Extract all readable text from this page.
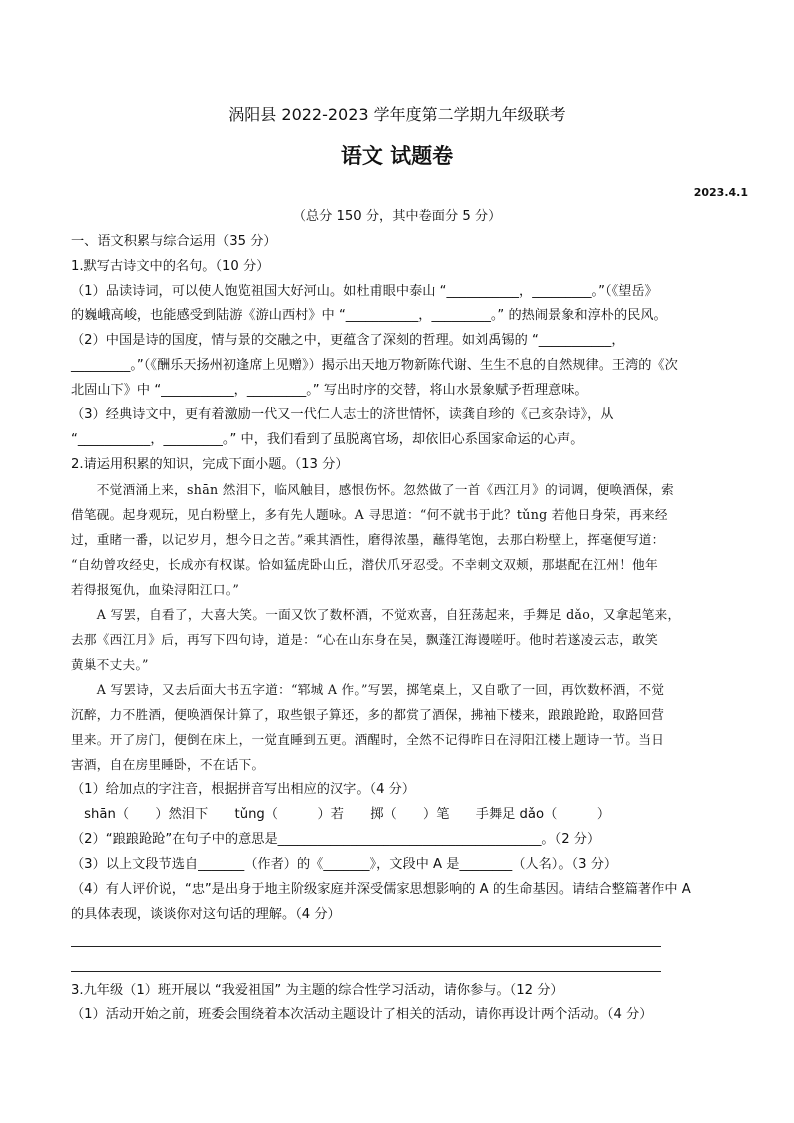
涡阳县 2022-2023 学年度第二学期九年级联考
语文 试题卷
2023.4.1
（总分 150 分，其中卷面分 5 分）
一、语文积累与综合运用（35 分）
1.默写古诗文中的名句。（10 分）
（1）品读诗词，可以使人饱览祖国大好河山。如杜甫眼中泰山 “___________，_________。”（《望岳》
的巍峨高峻，也能感受到陆游《游山西村》中 “___________，_________。” 的热闹景象和淳朴的民风。
（2）中国是诗的国度，情与景的交融之中，更蕴含了深刻的哲理。如刘禹锡的 “___________，
_________。”（《酬乐天扬州初逢席上见赠》）揭示出天地万物新陈代谢、生生不息的自然规律。王湾的《次
北固山下》中 “___________，_________。” 写出时序的交替，将山水景象赋予哲理意味。
（3）经典诗文中，更有着激励一代又一代仁人志士的济世情怀，读龚自珍的《己亥杂诗》，从
“___________，_________。” 中，我们看到了虽脱离官场，却依旧心系国家命运的心声。
2.请运用积累的知识，完成下面小题。（13 分）
　　不觉酒涌上来，shān 然泪下，临风触目，感恨伤怀。忽然做了一首《西江月》的词调，便唤酒保，索
借笔砚。起身观玩，见白粉壁上，多有先人题咏。A 寻思道：“何不就书于此？tǔng 若他日身荣，再来经
过，重睹一番，以记岁月，想今日之苦。”乘其酒性，磨得浓墨，蘸得笔饱，去那白粉壁上，挥毫便写道：
“自幼曾攻经史，长成亦有权谋。恰如猛虎卧山丘，潜伏爪牙忍受。不幸刺文双颊，那堪配在江州！他年
若得报冤仇，血染浔阳江口。”
　　A 写罢，自看了，大喜大笑。一面又饮了数杯酒，不觉欢喜，自狂荡起来，手舞足 dǎo，又拿起笔来，
去那《西江月》后，再写下四句诗，道是：“心在山东身在吴，飘蓬江海谩嗟吁。他时若遂凌云志，敢笑
黄巢不丈夫。”
　　A 写罢诗，又去后面大书五字道：“郓城 A 作。”写罢，掷笔桌上，又自歌了一回，再饮数杯酒，不觉
沉醉，力不胜酒，便唤酒保计算了，取些银子算还，多的都赏了酒保，拂袖下楼来，踉踉跄跄，取路回营
里来。开了房门，便倒在床上，一觉直睡到五更。酒醒时，全然不记得昨日在浔阳江楼上题诗一节。当日
害酒，自在房里睡卧，不在话下。
（1）给加点的字注音，根据拼音写出相应的汉字。（4 分）
　shān（　　）然泪下　　tǔng（　　　）若　　掷（　　）笔　　手舞足 dǎo（　　　）
（2）“踉踉跄跄”在句子中的意思是________________________________________。（2 分）
（3）以上文段节选自_______（作者）的《_______》，文段中 A 是________（人名）。（3 分）
（4）有人评价说，“忠”是出身于地主阶级家庭并深受儒家思想影响的 A 的生命基因。请结合整篇著作中 A
的具体表现，谈谈你对这句话的理解。（4 分）
3.九年级（1）班开展以 “我爱祖国” 为主题的综合性学习活动，请你参与。（12 分）
（1）活动开始之前，班委会围绕着本次活动主题设计了相关的活动，请你再设计两个活动。（4 分）
